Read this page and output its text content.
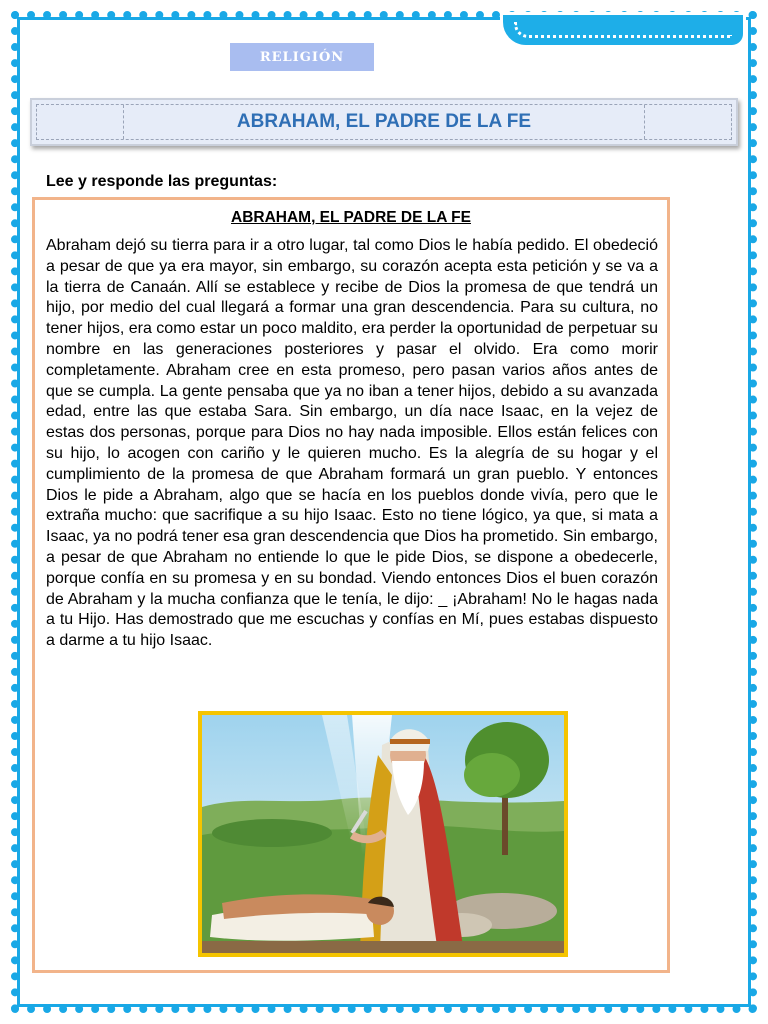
RELIGIÓN
ABRAHAM, EL PADRE DE LA FE
Lee y responde las preguntas:
ABRAHAM, EL PADRE DE LA FE
Abraham dejó su tierra para ir a otro lugar, tal como Dios le había pedido. El obedeció a pesar de que ya era mayor, sin embargo, su corazón acepta esta petición y se va a la tierra de Canaán. Allí se establece y recibe de Dios la promesa de que tendrá un hijo, por medio del cual llegará a formar una gran descendencia. Para su cultura, no tener hijos, era como estar un poco maldito, era perder la oportunidad de perpetuar su nombre en las generaciones posteriores y pasar el olvido. Era como morir completamente. Abraham cree en esta promeso, pero pasan varios años antes de que se cumpla. La gente pensaba que ya no iban a tener hijos, debido a su avanzada edad, entre las que estaba Sara. Sin embargo, un día nace Isaac, en la vejez de estas dos personas, porque para Dios no hay nada imposible. Ellos están felices con su hijo, lo acogen con cariño y le quieren mucho. Es la alegría de su hogar y el cumplimiento de la promesa de que Abraham formará un gran pueblo. Y entonces Dios le pide a Abraham, algo que se hacía en los pueblos donde vivía, pero que le extraña mucho: que sacrifique a su hijo Isaac. Esto no tiene lógico, ya que, si mata a Isaac, ya no podrá tener esa gran descendencia que Dios ha prometido. Sin embargo, a pesar de que Abraham no entiende lo que le pide Dios, se dispone a obedecerle, porque confía en su promesa y en su bondad. Viendo entonces Dios el buen corazón de Abraham y la mucha confianza que le tenía, le dijo: _ ¡Abraham! No le hagas nada a tu Hijo. Has demostrado que me escuchas y confías en Mí, pues estabas dispuesto a darme a tu hijo Isaac.
